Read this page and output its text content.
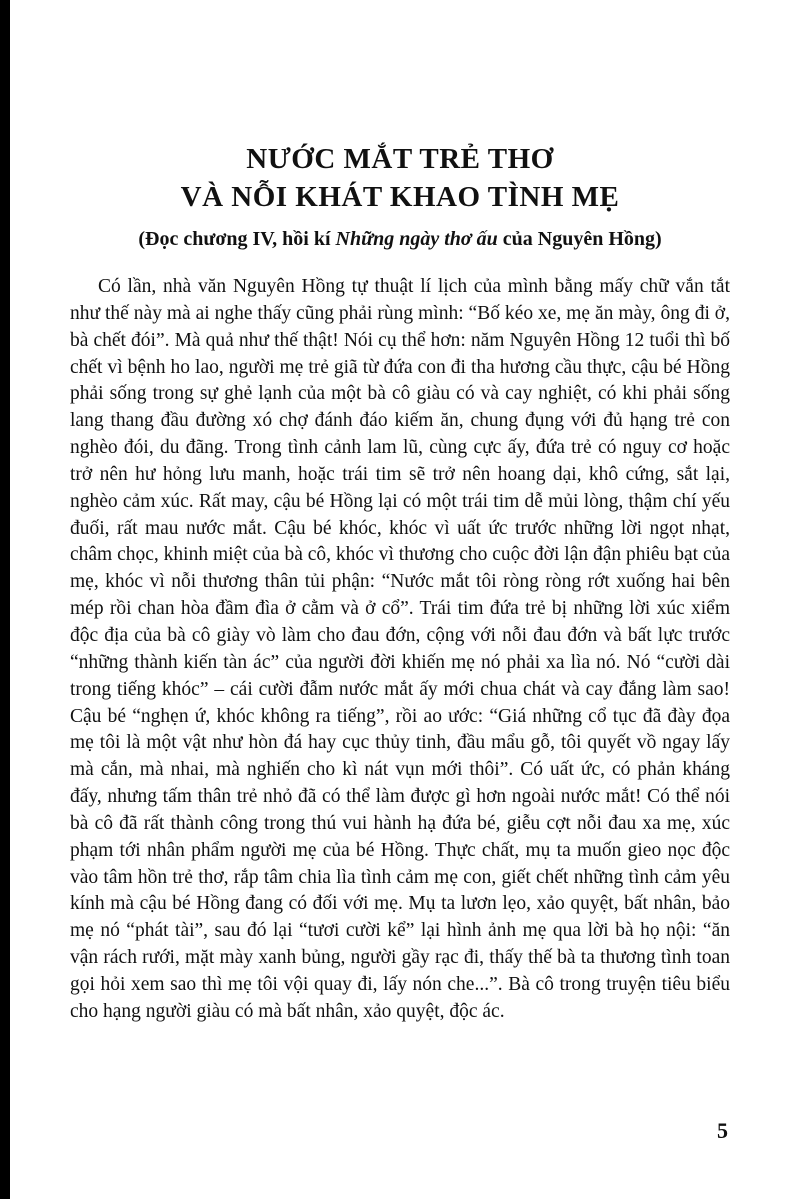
NƯỚC MẮT TRẺ THƠ
VÀ NỖI KHÁT KHAO TÌNH MẸ

(Đọc chương IV, hồi kí Những ngày thơ ấu của Nguyên Hồng)

Có lần, nhà văn Nguyên Hồng tự thuật lí lịch của mình bằng mấy chữ vắn tắt như thế này mà ai nghe thấy cũng phải rùng mình: “Bố kéo xe, mẹ ăn mày, ông đi ở, bà chết đói”. Mà quả như thế thật! Nói cụ thể hơn: năm Nguyên Hồng 12 tuổi thì bố chết vì bệnh ho lao, người mẹ trẻ giã từ đứa con đi tha hương cầu thực, cậu bé Hồng phải sống trong sự ghẻ lạnh của một bà cô giàu có và cay nghiệt, có khi phải sống lang thang đầu đường xó chợ đánh đáo kiếm ăn, chung đụng với đủ hạng trẻ con nghèo đói, du đãng. Trong tình cảnh lam lũ, cùng cực ấy, đứa trẻ có nguy cơ hoặc trở nên hư hỏng lưu manh, hoặc trái tim sẽ trở nên hoang dại, khô cứng, sắt lại, nghèo cảm xúc. Rất may, cậu bé Hồng lại có một trái tim dễ mủi lòng, thậm chí yếu đuối, rất mau nước mắt. Cậu bé khóc, khóc vì uất ức trước những lời ngọt nhạt, châm chọc, khinh miệt của bà cô, khóc vì thương cho cuộc đời lận đận phiêu bạt của mẹ, khóc vì nỗi thương thân tủi phận: “Nước mắt tôi ròng ròng rớt xuống hai bên mép rồi chan hòa đầm đìa ở cằm và ở cổ”. Trái tim đứa trẻ bị những lời xúc xiểm độc địa của bà cô giày vò làm cho đau đớn, cộng với nỗi đau đớn và bất lực trước “những thành kiến tàn ác” của người đời khiến mẹ nó phải xa lìa nó. Nó “cười dài trong tiếng khóc” – cái cười đẫm nước mắt ấy mới chua chát và cay đắng làm sao! Cậu bé “nghẹn ứ, khóc không ra tiếng”, rồi ao ước: “Giá những cổ tục đã đày đọa mẹ tôi là một vật như hòn đá hay cục thủy tinh, đầu mẩu gỗ, tôi quyết vồ ngay lấy mà cắn, mà nhai, mà nghiến cho kì nát vụn mới thôi”. Có uất ức, có phản kháng đấy, nhưng tấm thân trẻ nhỏ đã có thể làm được gì hơn ngoài nước mắt! Có thể nói bà cô đã rất thành công trong thú vui hành hạ đứa bé, giễu cợt nỗi đau xa mẹ, xúc phạm tới nhân phẩm người mẹ của bé Hồng. Thực chất, mụ ta muốn gieo nọc độc vào tâm hồn trẻ thơ, rắp tâm chia lìa tình cảm mẹ con, giết chết những tình cảm yêu kính mà cậu bé Hồng đang có đối với mẹ. Mụ ta lươn lẹo, xảo quyệt, bất nhân, bảo mẹ nó “phát tài”, sau đó lại “tươi cười kể” lại hình ảnh mẹ qua lời bà họ nội: “ăn vận rách rưới, mặt mày xanh bủng, người gầy rạc đi, thấy thế bà ta thương tình toan gọi hỏi xem sao thì mẹ tôi vội quay đi, lấy nón che...”. Bà cô trong truyện tiêu biểu cho hạng người giàu có mà bất nhân, xảo quyệt, độc ác.

5
